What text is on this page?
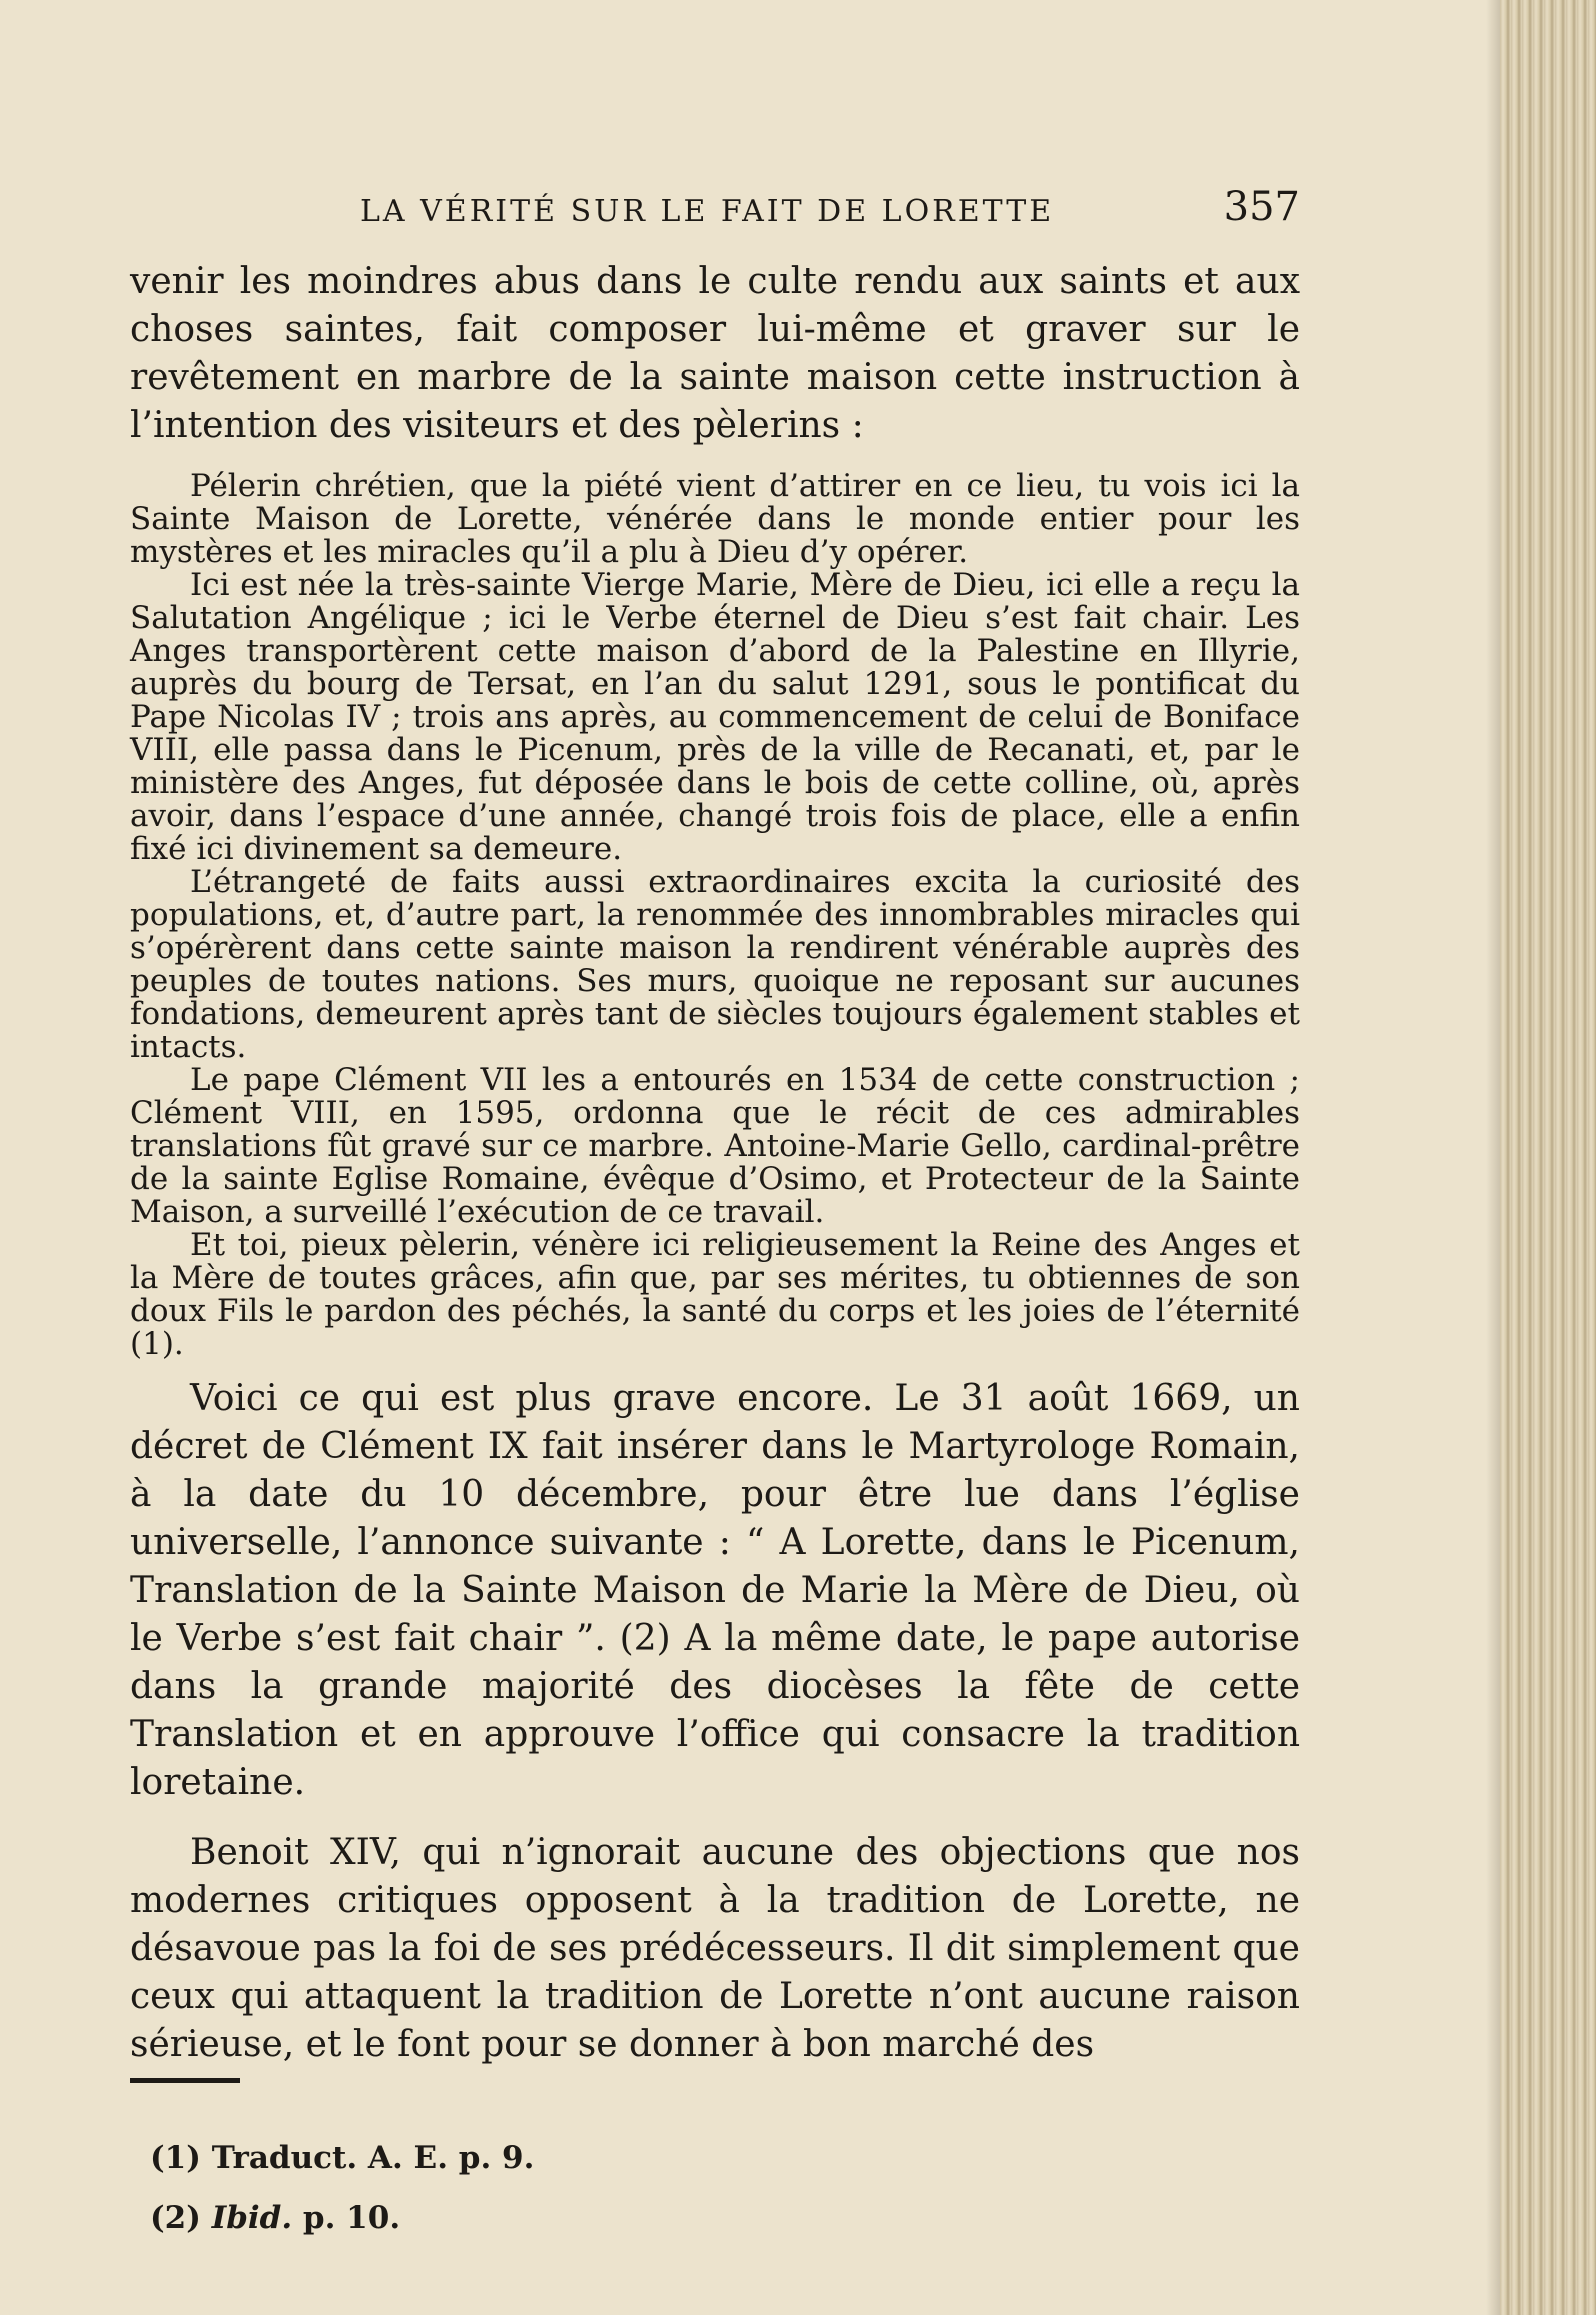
LA VÉRITÉ SUR LE FAIT DE LORETTE	357

venir les moindres abus dans le culte rendu aux saints et aux choses saintes, fait composer lui-même et graver sur le revêtement en marbre de la sainte maison cette instruction à l’intention des visiteurs et des pèlerins :

Pélerin chrétien, que la piété vient d’attirer en ce lieu, tu vois ici la Sainte Maison de Lorette, vénérée dans le monde entier pour les mystères et les miracles qu’il a plu à Dieu d’y opérer.

Ici est née la très-sainte Vierge Marie, Mère de Dieu, ici elle a reçu la Salutation Angélique ; ici le Verbe éternel de Dieu s’est fait chair. Les Anges transportèrent cette maison d’abord de la Palestine en Illyrie, auprès du bourg de Tersat, en l’an du salut 1291, sous le pontificat du Pape Nicolas IV ; trois ans après, au commencement de celui de Boniface VIII, elle passa dans le Picenum, près de la ville de Recanati, et, par le ministère des Anges, fut déposée dans le bois de cette colline, où, après avoir, dans l’espace d’une année, changé trois fois de place, elle a enfin fixé ici divinement sa demeure.

L’étrangeté de faits aussi extraordinaires excita la curiosité des populations, et, d’autre part, la renommée des innombrables miracles qui s’opérèrent dans cette sainte maison la rendirent vénérable auprès des peuples de toutes nations. Ses murs, quoique ne reposant sur aucunes fondations, demeurent après tant de siècles toujours également stables et intacts.

Le pape Clément VII les a entourés en 1534 de cette construction ; Clément VIII, en 1595, ordonna que le récit de ces admirables translations fût gravé sur ce marbre. Antoine-Marie Gello, cardinal-prêtre de la sainte Eglise Romaine, évêque d’Osimo, et Protecteur de la Sainte Maison, a surveillé l’exécution de ce travail.

Et toi, pieux pèlerin, vénère ici religieusement la Reine des Anges et la Mère de toutes grâces, afin que, par ses mérites, tu obtiennes de son doux Fils le pardon des péchés, la santé du corps et les joies de l’éternité (1).

Voici ce qui est plus grave encore. Le 31 août 1669, un décret de Clément IX fait insérer dans le Martyrologe Romain, à la date du 10 décembre, pour être lue dans l’église universelle, l’annonce suivante : “ A Lorette, dans le Picenum, Translation de la Sainte Maison de Marie la Mère de Dieu, où le Verbe s’est fait chair ”. (2) A la même date, le pape autorise dans la grande majorité des diocèses la fête de cette Translation et en approuve l’office qui consacre la tradition loretaine.

Benoit XIV, qui n’ignorait aucune des objections que nos modernes critiques opposent à la tradition de Lorette, ne désavoue pas la foi de ses prédécesseurs. Il dit simplement que ceux qui attaquent la tradition de Lorette n’ont aucune raison sérieuse, et le font pour se donner à bon marché des

(1) Traduct. A. E. p. 9.

(2) Ibid. p. 10.
